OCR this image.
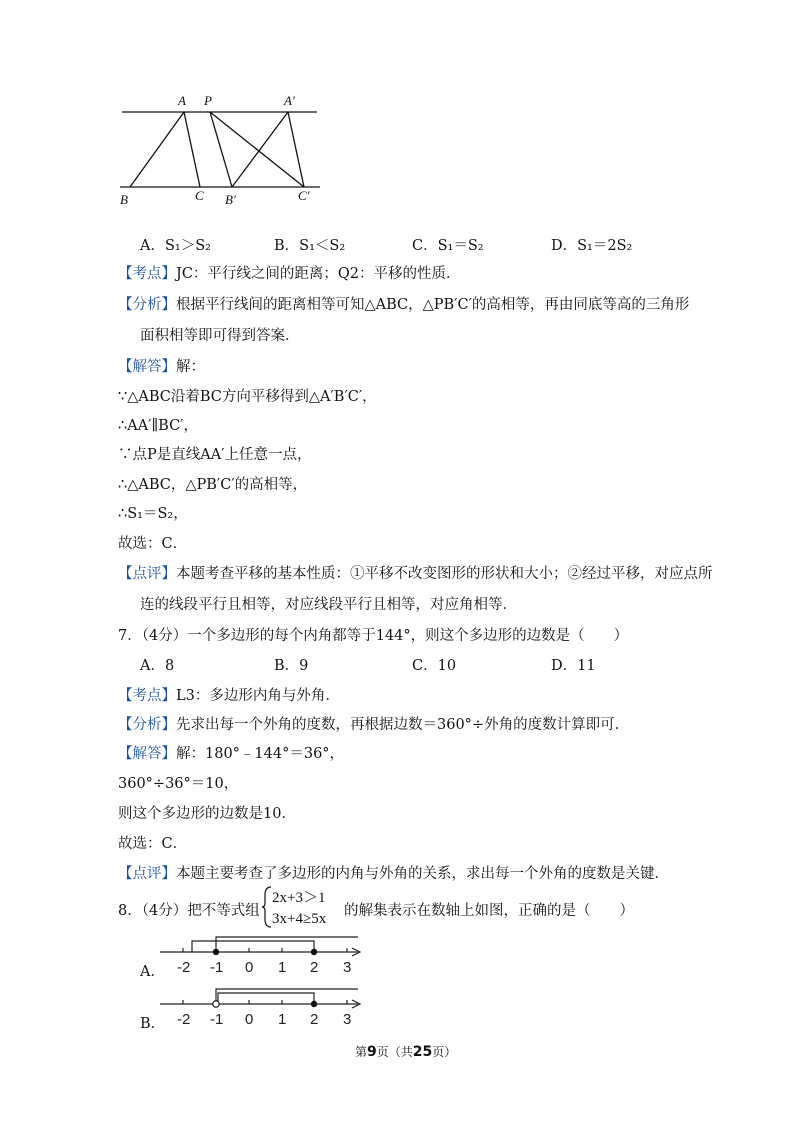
A P	A′
B	C B′	C′
A．S₁＞S₂	B．S₁＜S₂	C．S₁＝S₂	D．S₁＝2S₂
【考点】JC：平行线之间的距离；Q2：平移的性质．
【分析】根据平行线间的距离相等可知△ABC，△PB′C′的高相等，再由同底等高的三角形
面积相等即可得到答案．
【解答】解：
∵△ABC沿着BC方向平移得到△A′B′C′，
∴AA′∥BC′，
∵点P是直线AA′上任意一点，
∴△ABC，△PB′C′的高相等，
∴S₁＝S₂，
故选：C．
【点评】本题考查平移的基本性质：①平移不改变图形的形状和大小；②经过平移，对应点所
连的线段平行且相等，对应线段平行且相等，对应角相等．
7．（4分）一个多边形的每个内角都等于144°，则这个多边形的边数是（　　）
A．8	B．9	C．10	D．11
【考点】L3：多边形内角与外角．
【分析】先求出每一个外角的度数，再根据边数＝360°÷外角的度数计算即可．
【解答】解：180°﹣144°＝36°，
360°÷36°＝10，
则这个多边形的边数是10．
故选：C．
【点评】本题主要考查了多边形的内角与外角的关系，求出每一个外角的度数是关键．
8．（4分）把不等式组
2x+3＞1
3x+4≥5x 的解集表示在数轴上如图，正确的是（　　）
A． -2 -1 0 1 2 3
B． -2 -1 0 1 2 3
第9页（共25页）
